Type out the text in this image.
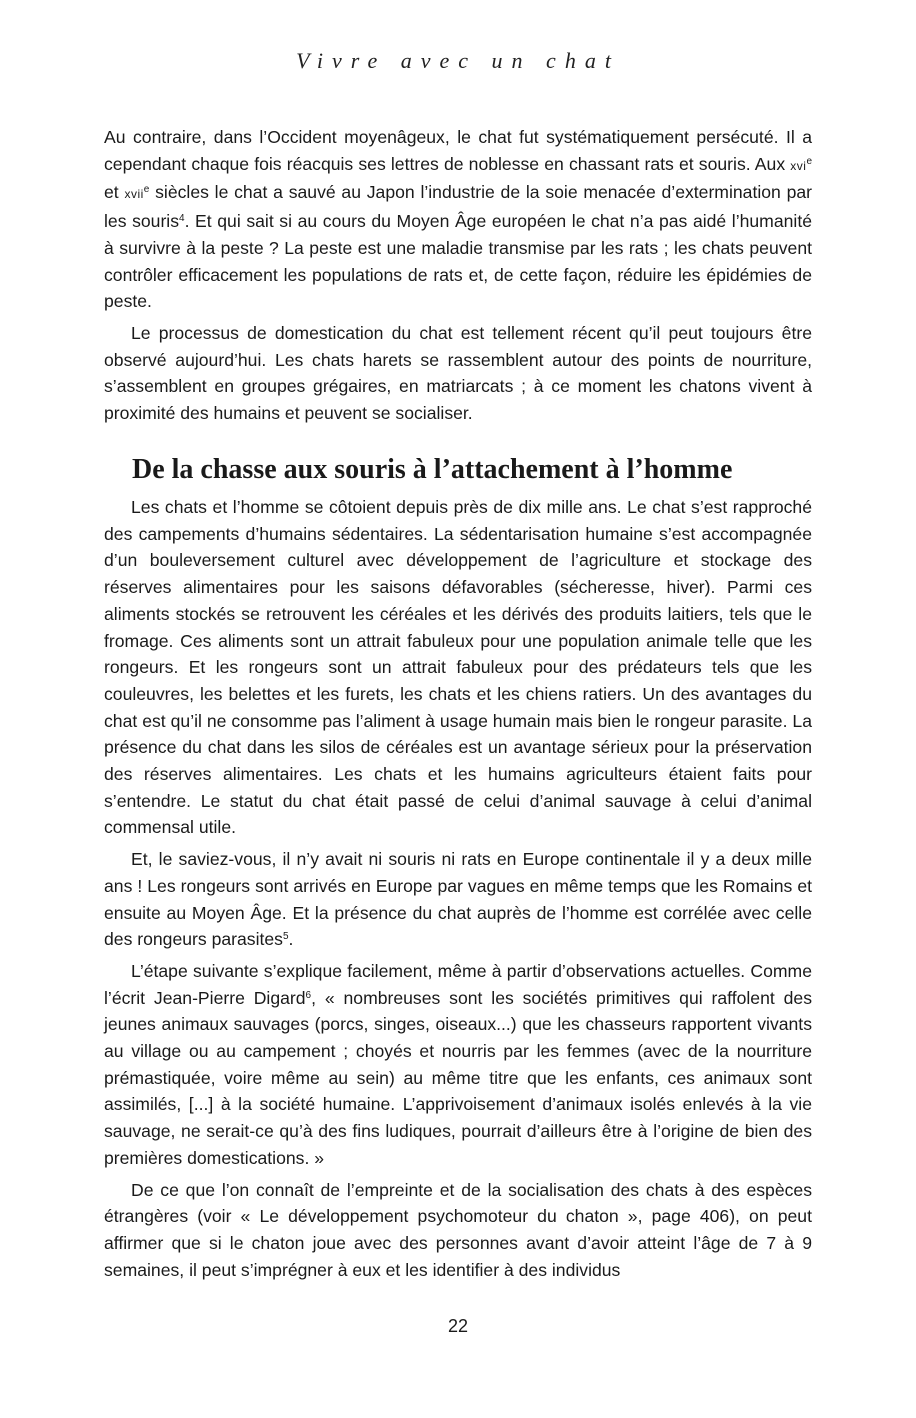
Vivre avec un chat

Au contraire, dans l’Occident moyenâgeux, le chat fut systématiquement persécuté. Il a cependant chaque fois réacquis ses lettres de noblesse en chassant rats et souris. Aux xvi$^e$ et xvii$^e$ siècles le chat a sauvé au Japon l’industrie de la soie menacée d’extermination par les souris$^4$. Et qui sait si au cours du Moyen Âge européen le chat n’a pas aidé l’humanité à survivre à la peste ? La peste est une maladie transmise par les rats ; les chats peuvent contrôler efficacement les populations de rats et, de cette façon, réduire les épidémies de peste.

Le processus de domestication du chat est tellement récent qu’il peut toujours être observé aujourd’hui. Les chats harets se rassemblent autour des points de nourriture, s’assemblent en groupes grégaires, en matriarcats ; à ce moment les chatons vivent à proximité des humains et peuvent se socialiser.

De la chasse aux souris à l’attachement à l’homme

Les chats et l’homme se côtoient depuis près de dix mille ans. Le chat s’est rapproché des campements d’humains sédentaires. La sédentarisation humaine s’est accompagnée d’un bouleversement culturel avec développement de l’agriculture et stockage des réserves alimentaires pour les saisons défavorables (sécheresse, hiver). Parmi ces aliments stockés se retrouvent les céréales et les dérivés des produits laitiers, tels que le fromage. Ces aliments sont un attrait fabuleux pour une population animale telle que les rongeurs. Et les rongeurs sont un attrait fabuleux pour des prédateurs tels que les couleuvres, les belettes et les furets, les chats et les chiens ratiers. Un des avantages du chat est qu’il ne consomme pas l’aliment à usage humain mais bien le rongeur parasite. La présence du chat dans les silos de céréales est un avantage sérieux pour la préservation des réserves alimentaires. Les chats et les humains agriculteurs étaient faits pour s’entendre. Le statut du chat était passé de celui d’animal sauvage à celui d’animal commensal utile.

Et, le saviez-vous, il n’y avait ni souris ni rats en Europe continentale il y a deux mille ans ! Les rongeurs sont arrivés en Europe par vagues en même temps que les Romains et ensuite au Moyen Âge. Et la présence du chat auprès de l’homme est corrélée avec celle des rongeurs parasites$^5$.

L’étape suivante s’explique facilement, même à partir d’observations actuelles. Comme l’écrit Jean-Pierre Digard$^6$, « nombreuses sont les sociétés primitives qui raffolent des jeunes animaux sauvages (porcs, singes, oiseaux...) que les chasseurs rapportent vivants au village ou au campement ; choyés et nourris par les femmes (avec de la nourriture prémastiquée, voire même au sein) au même titre que les enfants, ces animaux sont assimilés, [...] à la société humaine. L’apprivoisement d’animaux isolés enlevés à la vie sauvage, ne serait-ce qu’à des fins ludiques, pourrait d’ailleurs être à l’origine de bien des premières domestications. »

De ce que l’on connaît de l’empreinte et de la socialisation des chats à des espèces étrangères (voir « Le développement psychomoteur du chaton », page 406), on peut affirmer que si le chaton joue avec des personnes avant d’avoir atteint l’âge de 7 à 9 semaines, il peut s’imprégner à eux et les identifier à des individus

22
